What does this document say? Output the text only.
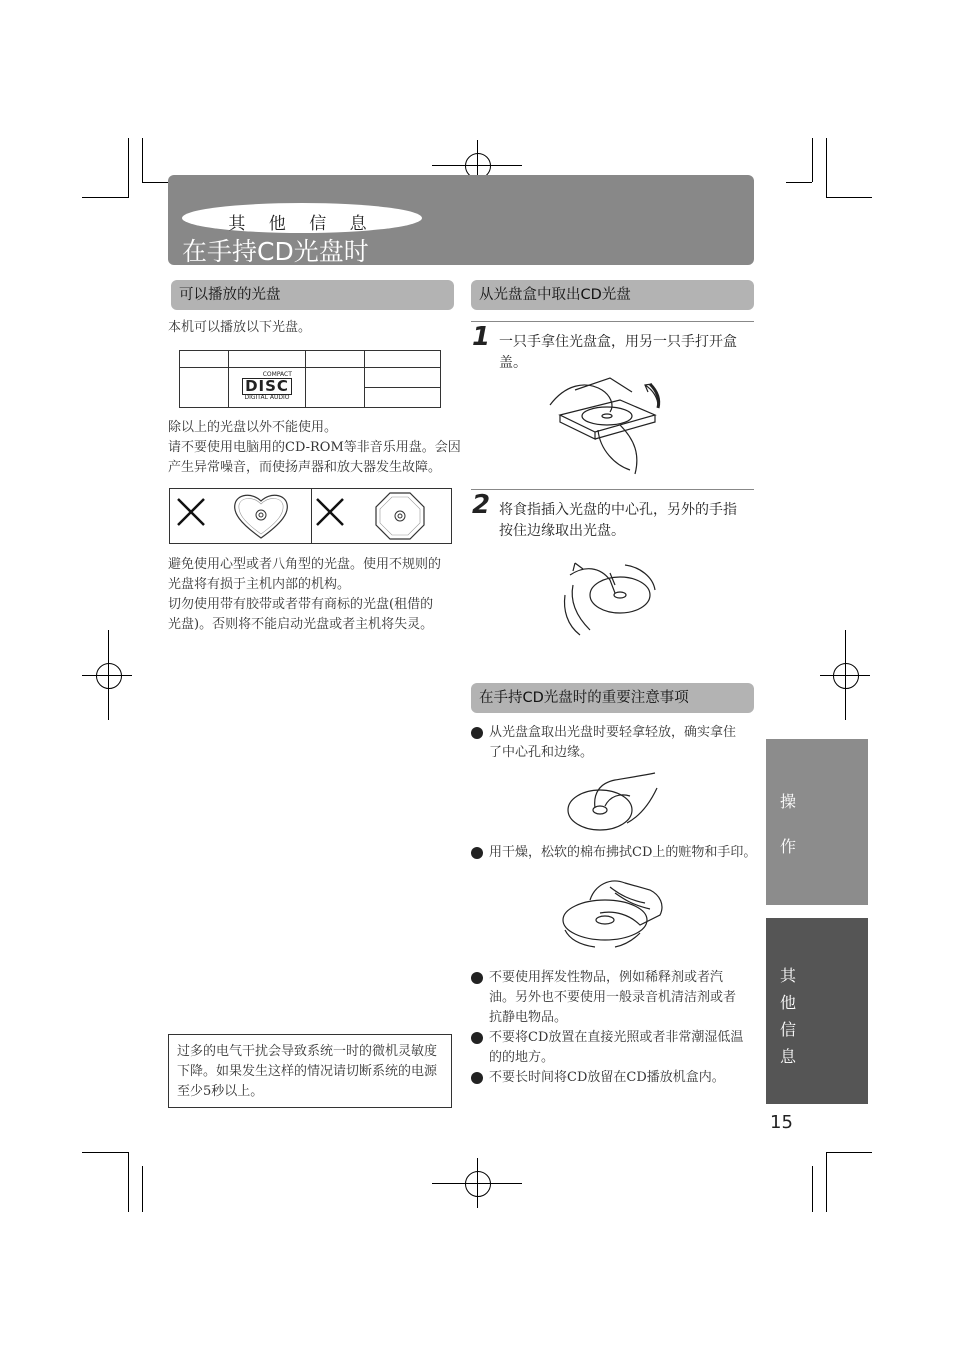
其 他 信 息
在手持CD光盘时
可以播放的光盘
本机可以播放以下光盘。

	COMPACT
DISC
DIGITAL AUDIO		

除以上的光盘以外不能使用。
请不要使用电脑用的CD-ROM等非音乐用盘。会因
产生异常噪音，而使扬声器和放大器发生故障。
避免使用心型或者八角型的光盘。使用不规则的
光盘将有损于主机内部的机构。
切勿使用带有胶带或者带有商标的光盘(租借的
光盘)。否则将不能启动光盘或者主机将失灵。
过多的电气干扰会导致系统一时的微机灵敏度
下降。如果发生这样的情况请切断系统的电源
至少5秒以上。
从光盘盒中取出CD光盘
1 一只手拿住光盘盒，用另一只手打开盒
盖。
2 将食指插入光盘的中心孔，另外的手指
按住边缘取出光盘。
在手持CD光盘时的重要注意事项
从光盘盒取出光盘时要轻拿轻放，确实拿住
了中心孔和边缘。
用干燥，松软的棉布拂拭CD上的赃物和手印。
不要使用挥发性物品，例如稀释剂或者汽
油。另外也不要使用一般录音机清洁剂或者
抗静电物品。
不要将CD放置在直接光照或者非常潮湿低温
的的地方。
不要长时间将CD放留在CD播放机盒内。
操
作
其
他
信
息
15
